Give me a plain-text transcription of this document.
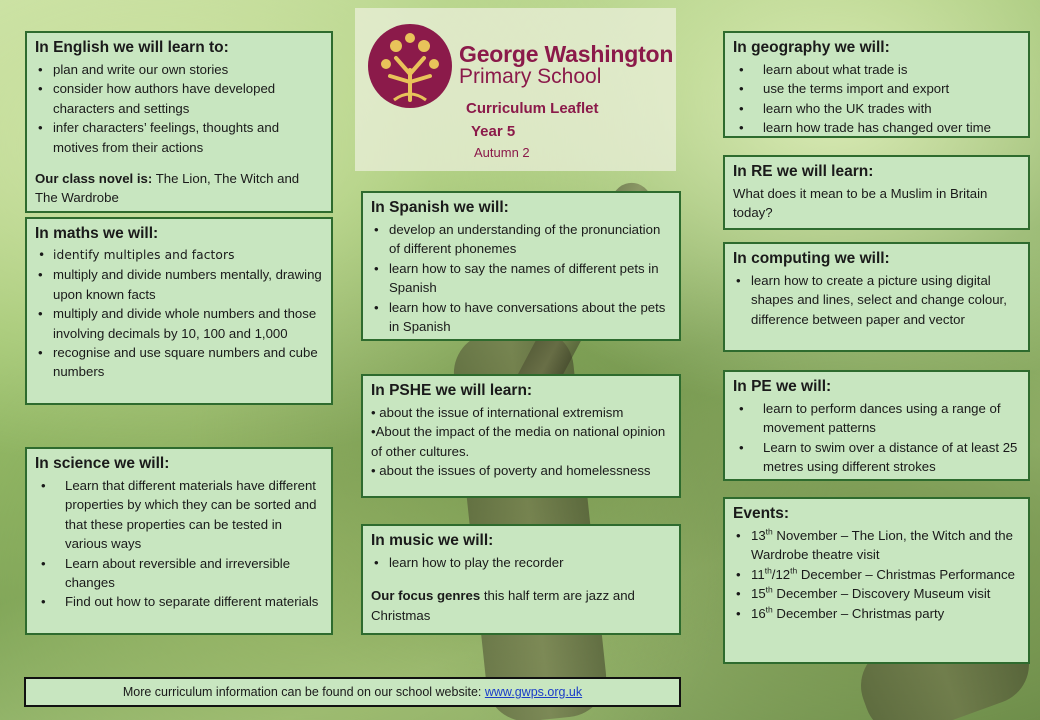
George Washington
Primary School
Curriculum Leaflet
Year 5
Autumn 2
In English we will learn to:
• plan and write our own stories
• consider how authors have developed characters and settings
• infer characters’ feelings, thoughts and motives from their actions

Our class novel is: The Lion, The Witch and The Wardrobe

In maths we will:
• identify multiples and factors
• multiply and divide numbers mentally, drawing upon known facts
• multiply and divide whole numbers and those involving decimals by 10, 100 and 1,000
• recognise and use square numbers and cube numbers
In science we will:
• Learn that different materials have different properties by which they can be sorted and that these properties can be tested in various ways
• Learn about reversible and irreversible changes
• Find out how to separate different materials
In Spanish we will:
• develop an understanding of the pronunciation of different phonemes
• learn how to say the names of different pets in Spanish
• learn how to have conversations about the pets in Spanish
In PSHE we will learn:
• about the issue of international extremism
•About the impact of the media on national opinion of other cultures.
• about the issues of poverty and homelessness
In music we will:
• learn how to play the recorder

Our focus genres this half term are jazz and Christmas

In geography we will:
• learn about what trade is
• use the terms import and export
• learn who the UK trades with
• learn how trade has changed over time
In RE we will learn:

What does it mean to be a Muslim in Britain today?

In computing we will:
• learn how to create a picture using digital shapes and lines, select and change colour, difference between paper and vector
In PE we will:
• learn to perform dances using a range of movement patterns
• Learn to swim over a distance of at least 25 metres using different strokes
Events:
• 13th November – The Lion, the Witch and the Wardrobe theatre visit
• 11th/12th December – Christmas Performance
• 15th December – Discovery Museum visit
• 16th December – Christmas party
More curriculum information can be found on our school website: www.gwps.org.uk
